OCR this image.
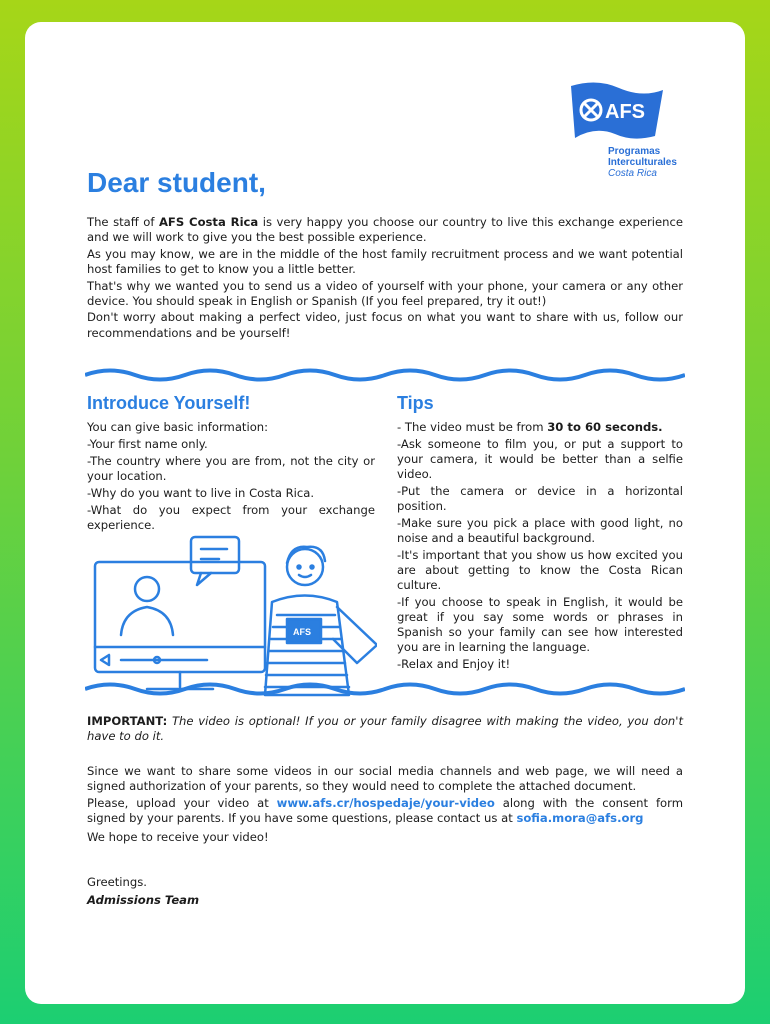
AFS
Programas
Interculturales
Costa Rica
Dear student,

The staff of AFS Costa Rica is very happy you choose our country to live this exchange experience and we will work to give you the best possible experience.

As you may know, we are in the middle of the host family recruitment process and we want potential host families to get to know you a little better.

That's why we wanted you to send us a video of yourself with your phone, your camera or any other device. You should speak in English or Spanish (If you feel prepared, try it out!)

Don't worry about making a perfect video, just focus on what you want to share with us, follow our recommendations and be yourself!

Introduce Yourself!

You can give basic information:

-Your first name only.

-The country where you are from, not the city or your location.

-Why do you want to live in Costa Rica.

-What do you expect from your exchange experience.

AFS
Tips

- The video must be from 30 to 60 seconds.

-Ask someone to film you, or put a support to your camera, it would be better than a selfie video.

-Put the camera or device in a horizontal position.

-Make sure you pick a place with good light, no noise and a beautiful background.

-It's important that you show us how excited you are about getting to know the Costa Rican culture.

-If you choose to speak in English, it would be great if you say some words or phrases in Spanish so your family can see how interested you are in learning the language.

-Relax and Enjoy it!

IMPORTANT: The video is optional! If you or your family disagree with making the video, you don't have to do it.

Since we want to share some videos in our social media channels and web page, we will need a signed authorization of your parents, so they would need to complete the attached document.

Please, upload your video at www.afs.cr/hospedaje/your-video along with the consent form signed by your parents. If you have some questions, please contact us at sofia.mora@afs.org

We hope to receive your video!

Greetings.

Admissions Team
